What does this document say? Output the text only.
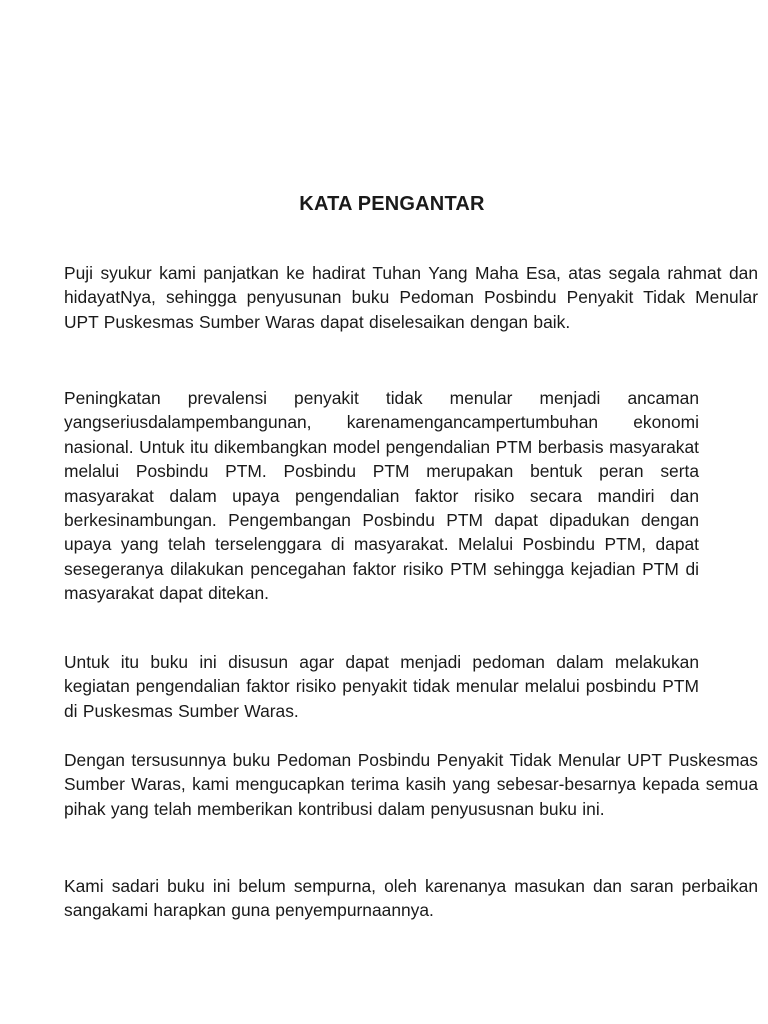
KATA PENGANTAR

Puji syukur kami panjatkan ke hadirat Tuhan Yang Maha Esa, atas segala rahmat dan hidayatNya, sehingga penyusunan buku Pedoman Posbindu Penyakit Tidak Menular UPT Puskesmas Sumber Waras dapat diselesaikan dengan baik.

Peningkatan prevalensi penyakit tidak menular menjadi ancaman yangseriusdalampembangunan, karenamengancampertumbuhan ekonomi nasional. Untuk itu dikembangkan model pengendalian PTM berbasis masyarakat melalui Posbindu PTM. Posbindu PTM merupakan bentuk peran serta masyarakat dalam upaya pengendalian faktor risiko secara mandiri dan berkesinambungan. Pengembangan Posbindu PTM dapat dipadukan dengan upaya yang telah terselenggara di masyarakat. Melalui Posbindu PTM, dapat sesegeranya dilakukan pencegahan faktor risiko PTM sehingga kejadian PTM di masyarakat dapat ditekan.

Untuk itu buku ini disusun agar dapat menjadi pedoman dalam melakukan kegiatan pengendalian faktor risiko penyakit tidak menular melalui posbindu PTM di Puskesmas Sumber Waras.

Dengan tersusunnya buku Pedoman Posbindu Penyakit Tidak Menular UPT Puskesmas Sumber Waras, kami mengucapkan terima kasih yang sebesar-besarnya kepada semua pihak yang telah memberikan kontribusi dalam penyususnan buku ini.

Kami sadari buku ini belum sempurna, oleh karenanya masukan dan saran perbaikan sangakami harapkan guna penyempurnaannya.
